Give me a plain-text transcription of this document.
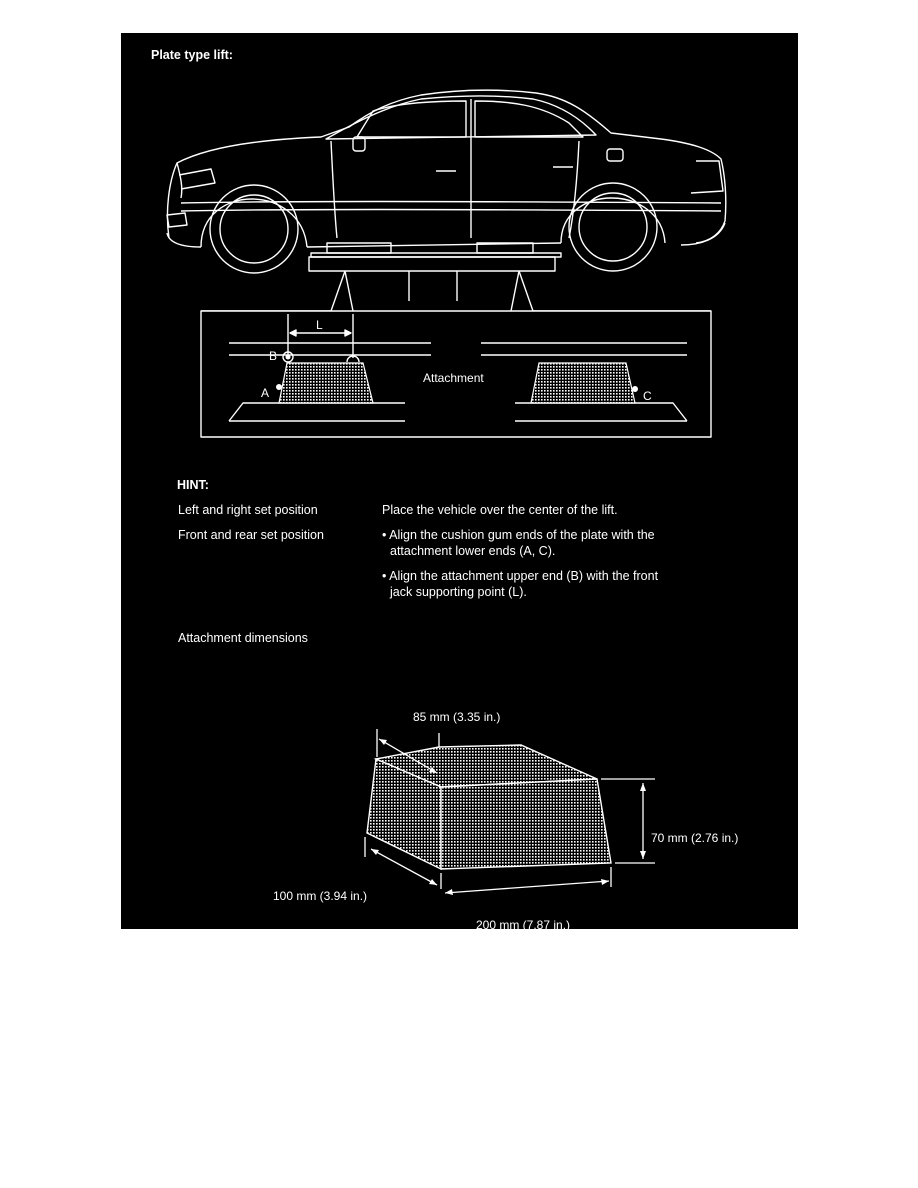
Plate type lift:
L
B
A	C
Attachment
HINT:
Left and right set position	Place the vehicle over the center of the lift.
Front and rear set position	• Align the cushion gum ends of the plate with the
attachment lower ends (A, C).
• Align the attachment upper end (B) with the front
jack supporting point (L).
Attachment dimensions
85 mm (3.35 in.)
70 mm (2.76 in.)
100 mm (3.94 in.)
200 mm (7.87 in.)
